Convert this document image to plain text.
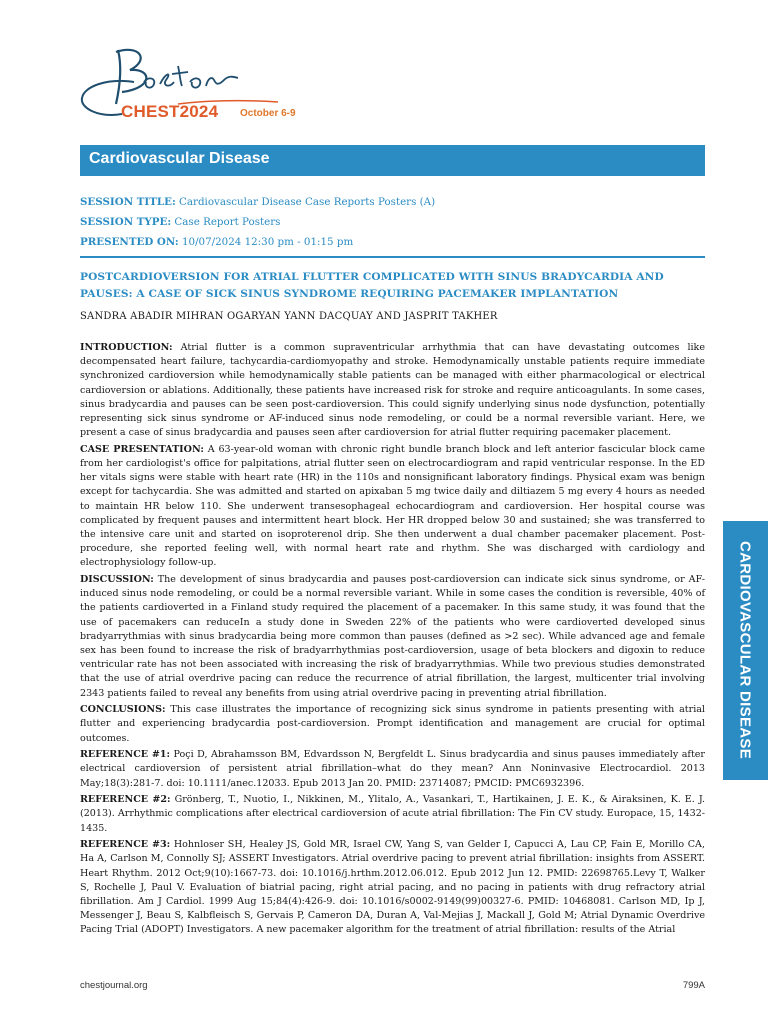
CHEST2024 October 6-9
Cardiovascular Disease
SESSION TITLE: Cardiovascular Disease Case Reports Posters (A)
SESSION TYPE: Case Report Posters
PRESENTED ON: 10/07/2024 12:30 pm - 01:15 pm
POSTCARDIOVERSION FOR ATRIAL FLUTTER COMPLICATED WITH SINUS BRADYCARDIA AND PAUSES: A CASE OF SICK SINUS SYNDROME REQUIRING PACEMAKER IMPLANTATION
SANDRA ABADIR MIHRAN OGARYAN YANN DACQUAY AND JASPRIT TAKHER

INTRODUCTION: Atrial flutter is a common supraventricular arrhythmia that can have devastating outcomes like decompensated heart failure, tachycardia-cardiomyopathy and stroke. Hemodynamically unstable patients require immediate synchronized cardioversion while hemodynamically stable patients can be managed with either pharmacological or electrical cardioversion or ablations. Additionally, these patients have increased risk for stroke and require anticoagulants. In some cases, sinus bradycardia and pauses can be seen post-cardioversion. This could signify underlying sinus node dysfunction, potentially representing sick sinus syndrome or AF-induced sinus node remodeling, or could be a normal reversible variant. Here, we present a case of sinus bradycardia and pauses seen after cardioversion for atrial flutter requiring pacemaker placement.

CASE PRESENTATION: A 63-year-old woman with chronic right bundle branch block and left anterior fascicular block came from her cardiologist's office for palpitations, atrial flutter seen on electrocardiogram and rapid ventricular response. In the ED her vitals signs were stable with heart rate (HR) in the 110s and nonsignificant laboratory findings. Physical exam was benign except for tachycardia. She was admitted and started on apixaban 5 mg twice daily and diltiazem 5 mg every 4 hours as needed to maintain HR below 110. She underwent transesophageal echocardiogram and cardioversion. Her hospital course was complicated by frequent pauses and intermittent heart block. Her HR dropped below 30 and sustained; she was transferred to the intensive care unit and started on isoproterenol drip. She then underwent a dual chamber pacemaker placement. Post-procedure, she reported feeling well, with normal heart rate and rhythm. She was discharged with cardiology and electrophysiology follow-up.

DISCUSSION: The development of sinus bradycardia and pauses post-cardioversion can indicate sick sinus syndrome, or AF-induced sinus node remodeling, or could be a normal reversible variant. While in some cases the condition is reversible, 40% of the patients cardioverted in a Finland study required the placement of a pacemaker. In this same study, it was found that the use of pacemakers can reduceIn a study done in Sweden 22% of the patients who were cardioverted developed sinus bradyarrythmias with sinus bradycardia being more common than pauses (defined as >2 sec). While advanced age and female sex has been found to increase the risk of bradyarrhythmias post-cardioversion, usage of beta blockers and digoxin to reduce ventricular rate has not been associated with increasing the risk of bradyarrythmias. While two previous studies demonstrated that the use of atrial overdrive pacing can reduce the recurrence of atrial fibrillation, the largest, multicenter trial involving 2343 patients failed to reveal any benefits from using atrial overdrive pacing in preventing atrial fibrillation.

CONCLUSIONS: This case illustrates the importance of recognizing sick sinus syndrome in patients presenting with atrial flutter and experiencing bradycardia post-cardioversion. Prompt identification and management are crucial for optimal outcomes.

REFERENCE #1: Poçi D, Abrahamsson BM, Edvardsson N, Bergfeldt L. Sinus bradycardia and sinus pauses immediately after electrical cardioversion of persistent atrial fibrillation–what do they mean? Ann Noninvasive Electrocardiol. 2013 May;18(3):281-7. doi: 10.1111/anec.12033. Epub 2013 Jan 20. PMID: 23714087; PMCID: PMC6932396.

REFERENCE #2: Grönberg, T., Nuotio, I., Nikkinen, M., Ylitalo, A., Vasankari, T., Hartikainen, J. E. K., & Airaksinen, K. E. J. (2013). Arrhythmic complications after electrical cardioversion of acute atrial fibrillation: The Fin CV study. Europace, 15, 1432-1435.

REFERENCE #3: Hohnloser SH, Healey JS, Gold MR, Israel CW, Yang S, van Gelder I, Capucci A, Lau CP, Fain E, Morillo CA, Ha A, Carlson M, Connolly SJ; ASSERT Investigators. Atrial overdrive pacing to prevent atrial fibrillation: insights from ASSERT. Heart Rhythm. 2012 Oct;9(10):1667-73. doi: 10.1016/j.hrthm.2012.06.012. Epub 2012 Jun 12. PMID: 22698765.Levy T, Walker S, Rochelle J, Paul V. Evaluation of biatrial pacing, right atrial pacing, and no pacing in patients with drug refractory atrial fibrillation. Am J Cardiol. 1999 Aug 15;84(4):426-9. doi: 10.1016/s0002-9149(99)00327-6. PMID: 10468081. Carlson MD, Ip J, Messenger J, Beau S, Kalbfleisch S, Gervais P, Cameron DA, Duran A, Val-Mejias J, Mackall J, Gold M; Atrial Dynamic Overdrive Pacing Trial (ADOPT) Investigators. A new pacemaker algorithm for the treatment of atrial fibrillation: results of the Atrial

CARDIOVASCULAR DISEASE
chestjournal.org	799A
